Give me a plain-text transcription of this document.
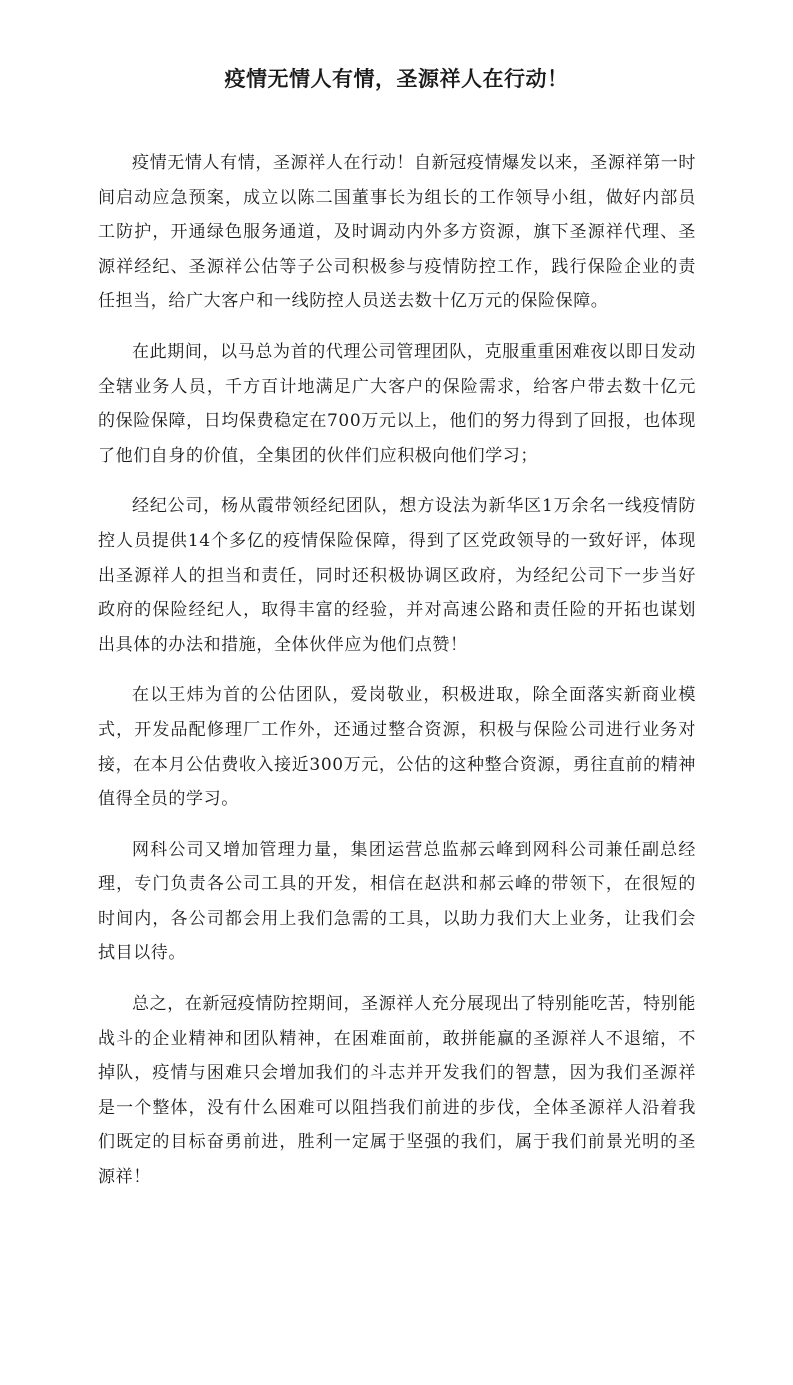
疫情无情人有情，圣源祥人在行动！

疫情无情人有情，圣源祥人在行动！自新冠疫情爆发以来，圣源祥第一时间启动应急预案，成立以陈二国董事长为组长的工作领导小组，做好内部员工防护，开通绿色服务通道，及时调动内外多方资源，旗下圣源祥代理、圣源祥经纪、圣源祥公估等子公司积极参与疫情防控工作，践行保险企业的责任担当，给广大客户和一线防控人员送去数十亿万元的保险保障。

在此期间，以马总为首的代理公司管理团队，克服重重困难夜以即日发动全辖业务人员，千方百计地满足广大客户的保险需求，给客户带去数十亿元的保险保障，日均保费稳定在700万元以上，他们的努力得到了回报，也体现了他们自身的价值，全集团的伙伴们应积极向他们学习；

经纪公司，杨从霞带领经纪团队，想方设法为新华区1万余名一线疫情防控人员提供14个多亿的疫情保险保障，得到了区党政领导的一致好评，体现出圣源祥人的担当和责任，同时还积极协调区政府，为经纪公司下一步当好政府的保险经纪人，取得丰富的经验，并对高速公路和责任险的开拓也谋划出具体的办法和措施，全体伙伴应为他们点赞！

在以王炜为首的公估团队，爱岗敬业，积极进取，除全面落实新商业模式，开发品配修理厂工作外，还通过整合资源，积极与保险公司进行业务对接，在本月公估费收入接近300万元，公估的这种整合资源，勇往直前的精神值得全员的学习。

网科公司又增加管理力量，集团运营总监郝云峰到网科公司兼任副总经理，专门负责各公司工具的开发，相信在赵洪和郝云峰的带领下，在很短的时间内，各公司都会用上我们急需的工具，以助力我们大上业务，让我们会拭目以待。

总之，在新冠疫情防控期间，圣源祥人充分展现出了特别能吃苦，特别能战斗的企业精神和团队精神，在困难面前，敢拼能赢的圣源祥人不退缩，不掉队，疫情与困难只会增加我们的斗志并开发我们的智慧，因为我们圣源祥是一个整体，没有什么困难可以阻挡我们前进的步伐，全体圣源祥人沿着我们既定的目标奋勇前进，胜利一定属于坚强的我们，属于我们前景光明的圣源祥！
